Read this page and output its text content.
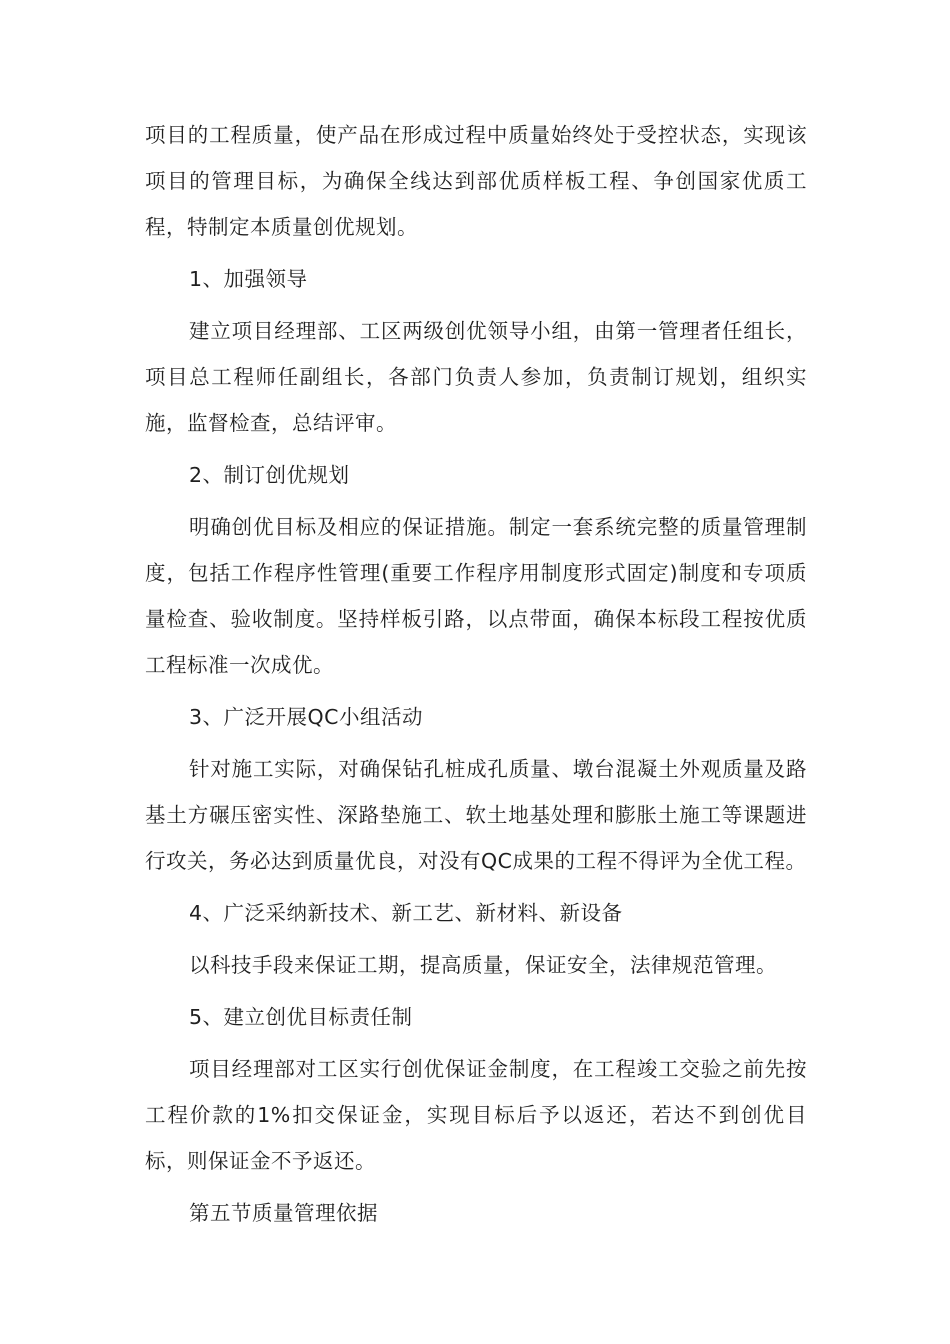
项目的工程质量，使产品在形成过程中质量始终处于受控状态，实现该项目的管理目标，为确保全线达到部优质样板工程、争创国家优质工程，特制定本质量创优规划。

1、加强领导

建立项目经理部、工区两级创优领导小组，由第一管理者任组长，项目总工程师任副组长，各部门负责人参加，负责制订规划，组织实施，监督检查，总结评审。

2、制订创优规划

明确创优目标及相应的保证措施。制定一套系统完整的质量管理制度，包括工作程序性管理(重要工作程序用制度形式固定)制度和专项质量检查、验收制度。坚持样板引路，以点带面，确保本标段工程按优质工程标准一次成优。

3、广泛开展QC小组活动

针对施工实际，对确保钻孔桩成孔质量、墩台混凝土外观质量及路基土方碾压密实性、深路垫施工、软土地基处理和膨胀土施工等课题进行攻关，务必达到质量优良，对没有QC成果的工程不得评为全优工程。

4、广泛采纳新技术、新工艺、新材料、新设备

以科技手段来保证工期，提高质量，保证安全，法律规范管理。

5、建立创优目标责任制

项目经理部对工区实行创优保证金制度，在工程竣工交验之前先按工程价款的1%扣交保证金，实现目标后予以返还，若达不到创优目标，则保证金不予返还。

第五节质量管理依据
